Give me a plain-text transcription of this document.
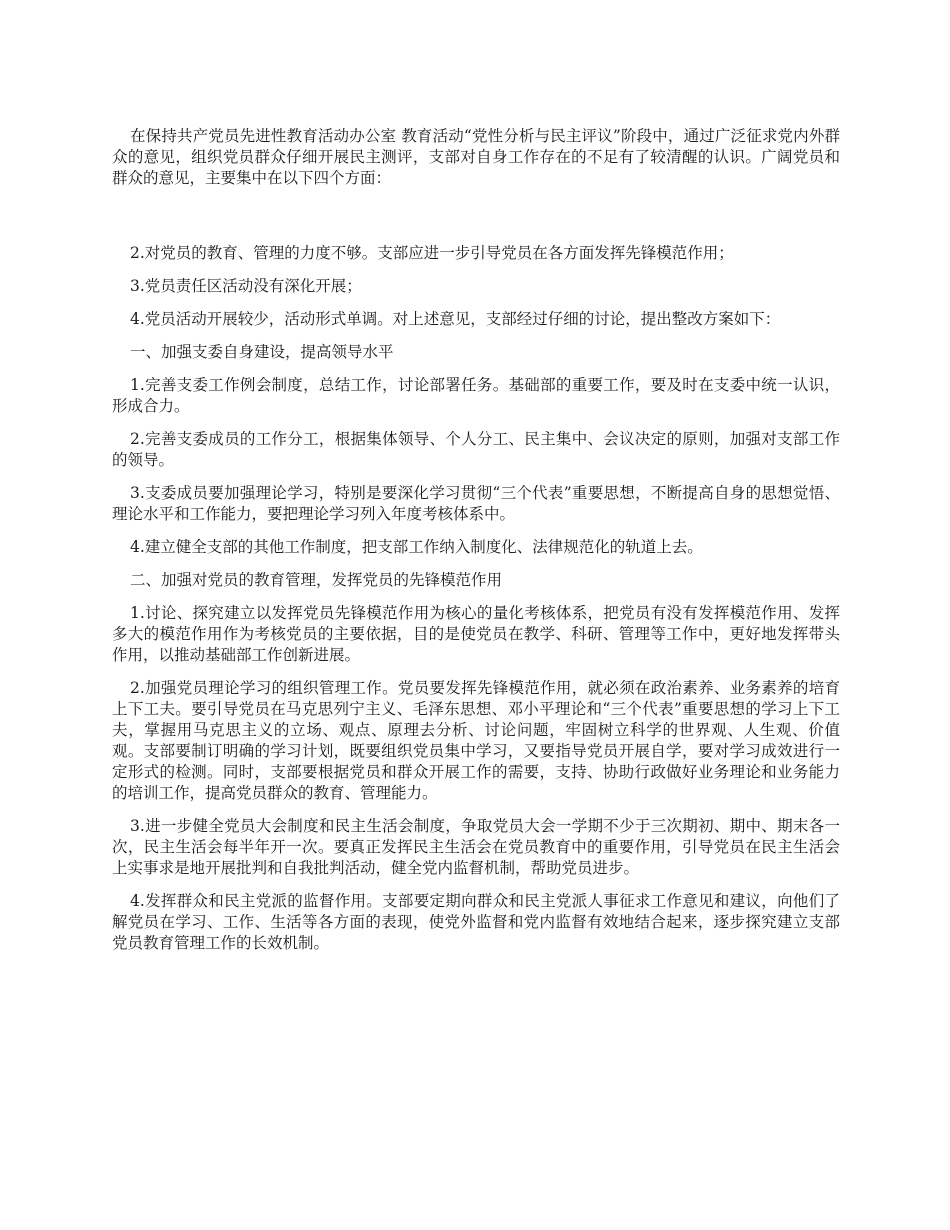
在保持共产党员先进性教育活动办公室 教育活动“党性分析与民主评议”阶段中，通过广泛征求党内外群众的意见，组织党员群众仔细开展民主测评，支部对自身工作存在的不足有了较清醒的认识。广阔党员和群众的意见，主要集中在以下四个方面：

2.对党员的教育、管理的力度不够。支部应进一步引导党员在各方面发挥先锋模范作用；

3.党员责任区活动没有深化开展；

4.党员活动开展较少，活动形式单调。对上述意见，支部经过仔细的讨论，提出整改方案如下：

一、加强支委自身建设，提高领导水平

1.完善支委工作例会制度，总结工作，讨论部署任务。基础部的重要工作，要及时在支委中统一认识，形成合力。

2.完善支委成员的工作分工，根据集体领导、个人分工、民主集中、会议决定的原则，加强对支部工作的领导。

3.支委成员要加强理论学习，特别是要深化学习贯彻“三个代表”重要思想，不断提高自身的思想觉悟、理论水平和工作能力，要把理论学习列入年度考核体系中。

4.建立健全支部的其他工作制度，把支部工作纳入制度化、法律规范化的轨道上去。

二、加强对党员的教育管理，发挥党员的先锋模范作用

1.讨论、探究建立以发挥党员先锋模范作用为核心的量化考核体系，把党员有没有发挥模范作用、发挥多大的模范作用作为考核党员的主要依据，目的是使党员在教学、科研、管理等工作中，更好地发挥带头作用，以推动基础部工作创新进展。

2.加强党员理论学习的组织管理工作。党员要发挥先锋模范作用，就必须在政治素养、业务素养的培育上下工夫。要引导党员在马克思列宁主义、毛泽东思想、邓小平理论和“三个代表”重要思想的学习上下工夫，掌握用马克思主义的立场、观点、原理去分析、讨论问题，牢固树立科学的世界观、人生观、价值观。支部要制订明确的学习计划，既要组织党员集中学习，又要指导党员开展自学，要对学习成效进行一定形式的检测。同时，支部要根据党员和群众开展工作的需要，支持、协助行政做好业务理论和业务能力的培训工作，提高党员群众的教育、管理能力。

3.进一步健全党员大会制度和民主生活会制度，争取党员大会一学期不少于三次期初、期中、期末各一次，民主生活会每半年开一次。要真正发挥民主生活会在党员教育中的重要作用，引导党员在民主生活会上实事求是地开展批判和自我批判活动，健全党内监督机制，帮助党员进步。

4.发挥群众和民主党派的监督作用。支部要定期向群众和民主党派人事征求工作意见和建议，向他们了解党员在学习、工作、生活等各方面的表现，使党外监督和党内监督有效地结合起来，逐步探究建立支部党员教育管理工作的长效机制。
